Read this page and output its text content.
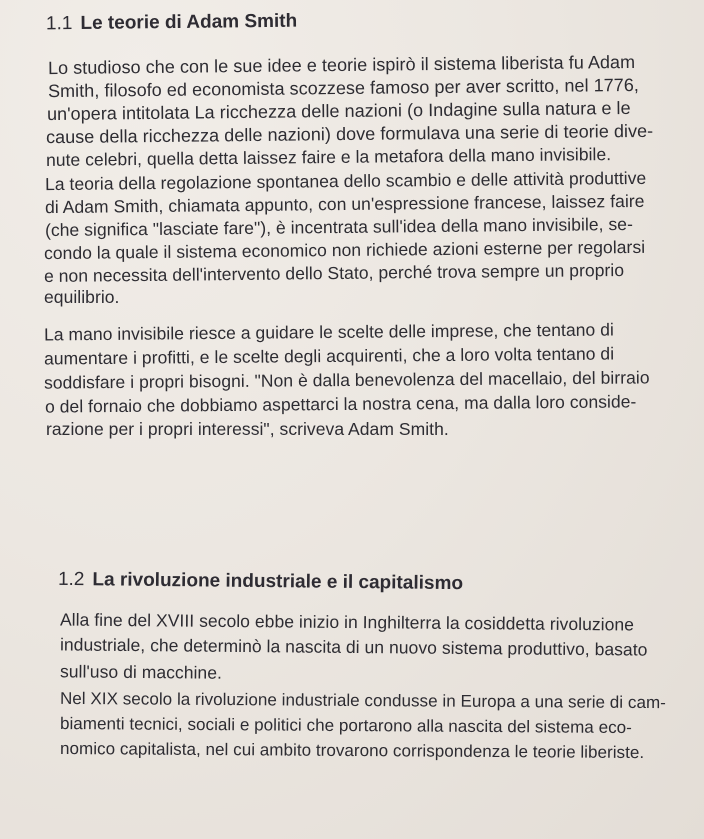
1.1 Le teorie di Adam Smith
Lo studioso che con le sue idee e teorie ispirò il sistema liberista fu Adam
Smith, filosofo ed economista scozzese famoso per aver scritto, nel 1776,
un'opera intitolata La ricchezza delle nazioni (o Indagine sulla natura e le
cause della ricchezza delle nazioni) dove formulava una serie di teorie dive-
nute celebri, quella detta laissez faire e la metafora della mano invisibile.
La teoria della regolazione spontanea dello scambio e delle attività produttive
di Adam Smith, chiamata appunto, con un'espressione francese, laissez faire
(che significa "lasciate fare"), è incentrata sull'idea della mano invisibile, se-
condo la quale il sistema economico non richiede azioni esterne per regolarsi
e non necessita dell'intervento dello Stato, perché trova sempre un proprio
equilibrio.
La mano invisibile riesce a guidare le scelte delle imprese, che tentano di
aumentare i profitti, e le scelte degli acquirenti, che a loro volta tentano di
soddisfare i propri bisogni. "Non è dalla benevolenza del macellaio, del birraio
o del fornaio che dobbiamo aspettarci la nostra cena, ma dalla loro conside-
razione per i propri interessi", scriveva Adam Smith.
1.2 La rivoluzione industriale e il capitalismo
Alla fine del XVIII secolo ebbe inizio in Inghilterra la cosiddetta rivoluzione
industriale, che determinò la nascita di un nuovo sistema produttivo, basato
sull'uso di macchine.
Nel XIX secolo la rivoluzione industriale condusse in Europa a una serie di cam-
biamenti tecnici, sociali e politici che portarono alla nascita del sistema eco-
nomico capitalista, nel cui ambito trovarono corrispondenza le teorie liberiste.
